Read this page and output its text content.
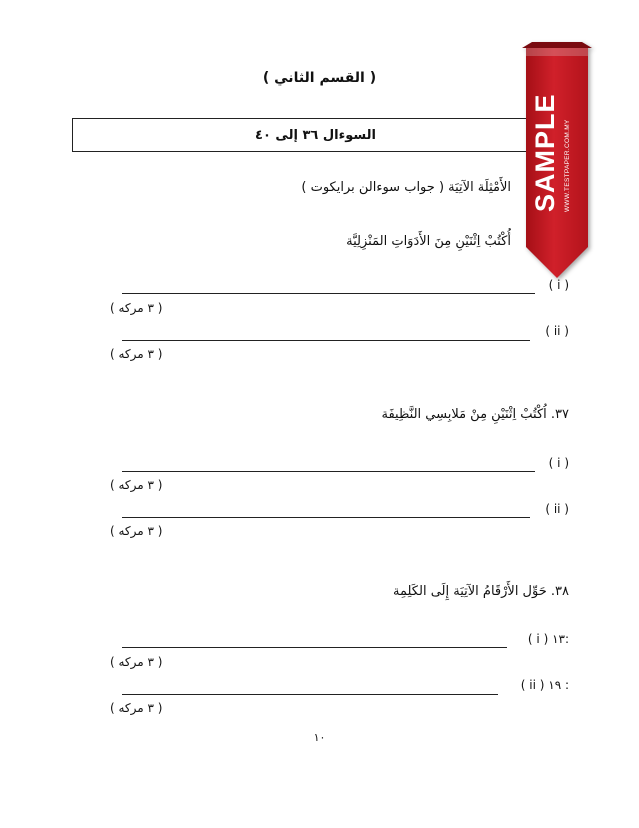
( القسم الثاني )
السوءال ٣٦ إلى ٤٠
الأَمْثِلَة الآتِيَة ( جواب سوءالن برايكوت )
أُكْتُبْ اِثْنَيْنِ مِنَ الأَدَوَاتِ المَنْزِلِيَّة
( i )
( ٣ مركه )
( ii )
( ٣ مركه )
٣٧. اُكْتُبْ اِثْنَيْنِ مِنْ مَلابِسِي النَّظِيفَة
( i )
( ٣ مركه )
( ii )
( ٣ مركه )
٣٨. حَوِّل الأَرْقَامُ الآتِيَة إِلَى الكَلِمِة
( i ) ١٣:
( ٣ مركه )
( ii ) ١٩ :
( ٣ مركه )
١٠
SAMPLE WWW.TESTPAPER.COM.MY
